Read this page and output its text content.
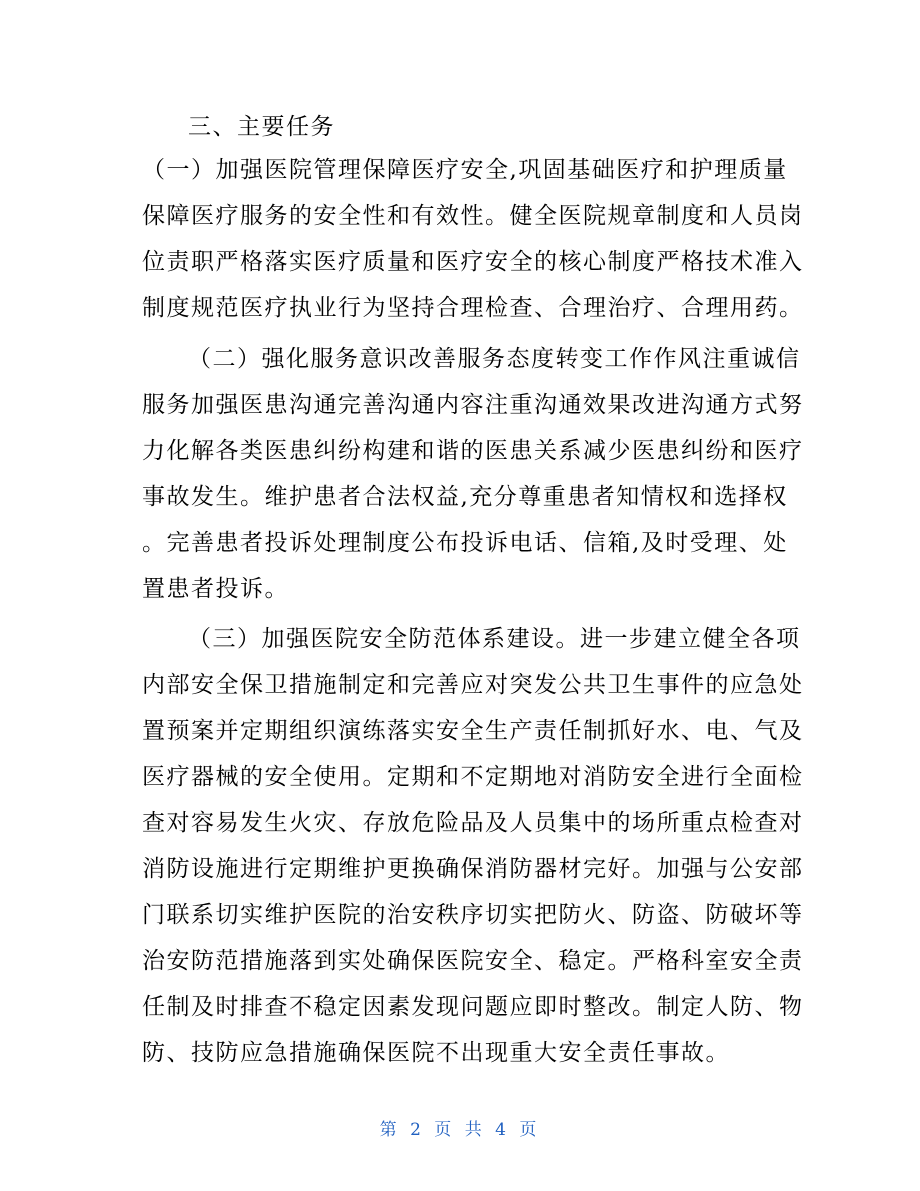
三、主要任务
（一）加强医院管理保障医疗安全,巩固基础医疗和护理质量
保障医疗服务的安全性和有效性。健全医院规章制度和人员岗
位责职严格落实医疗质量和医疗安全的核心制度严格技术准入
制度规范医疗执业行为坚持合理检查、合理治疗、合理用药。
（二）强化服务意识改善服务态度转变工作作风注重诚信
服务加强医患沟通完善沟通内容注重沟通效果改进沟通方式努
力化解各类医患纠纷构建和谐的医患关系减少医患纠纷和医疗
事故发生。维护患者合法权益,充分尊重患者知情权和选择权
。完善患者投诉处理制度公布投诉电话、信箱,及时受理、处
置患者投诉。
（三）加强医院安全防范体系建设。进一步建立健全各项
内部安全保卫措施制定和完善应对突发公共卫生事件的应急处
置预案并定期组织演练落实安全生产责任制抓好水、电、气及
医疗器械的安全使用。定期和不定期地对消防安全进行全面检
查对容易发生火灾、存放危险品及人员集中的场所重点检查对
消防设施进行定期维护更换确保消防器材完好。加强与公安部
门联系切实维护医院的治安秩序切实把防火、防盗、防破坏等
治安防范措施落到实处确保医院安全、稳定。严格科室安全责
任制及时排查不稳定因素发现问题应即时整改。制定人防、物
防、技防应急措施确保医院不出现重大安全责任事故。
第 2 页 共 4 页
